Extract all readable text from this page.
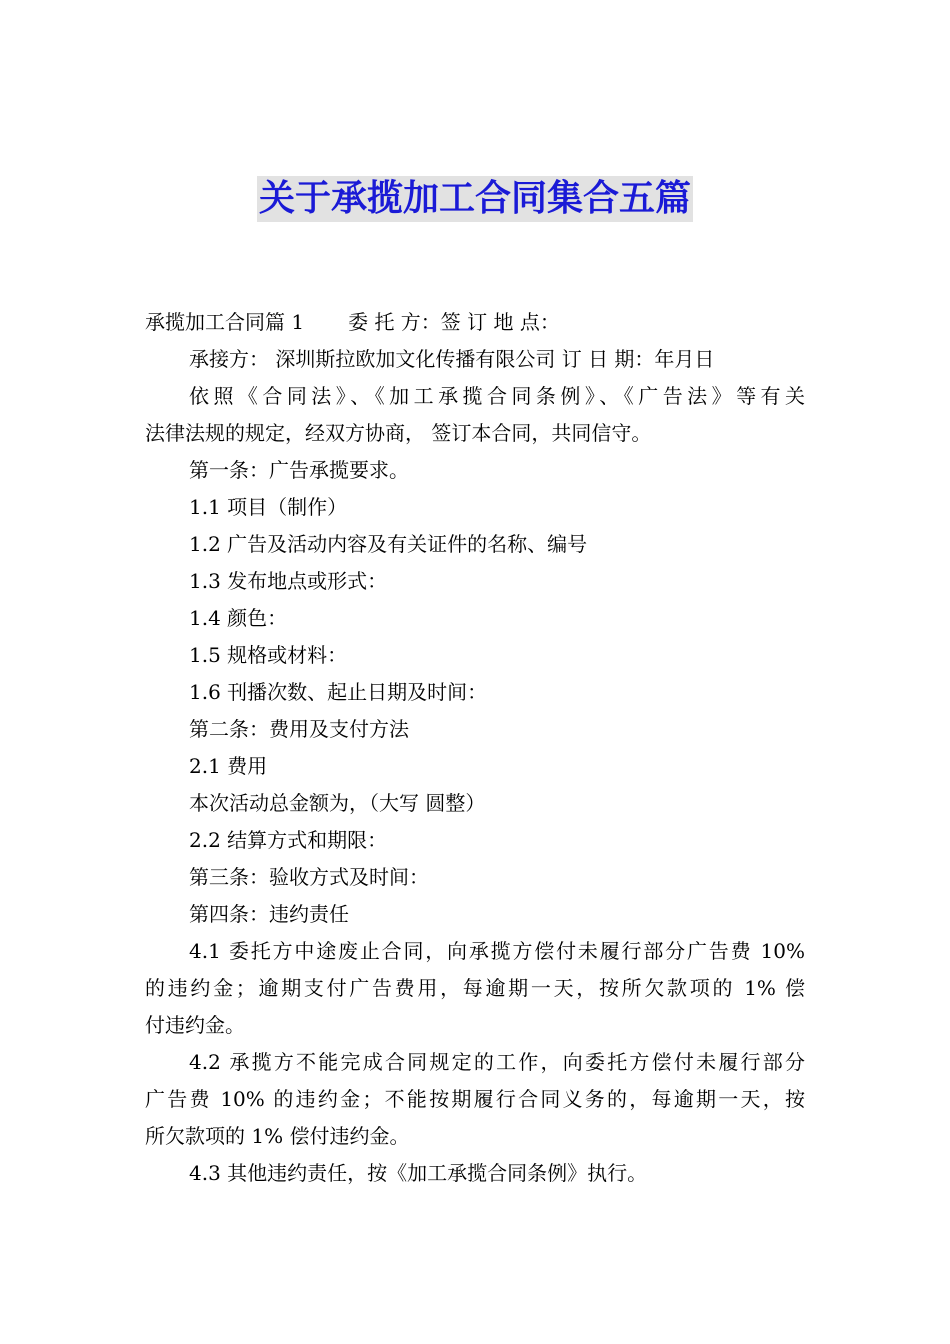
关于承揽加工合同集合五篇

承揽加工合同篇 1 委 托 方：签 订 地 点：

承接方： 深圳斯拉欧加文化传播有限公司 订 日 期：年月日

依照《合同法》、《加工承揽合同条例》、《广告法》等有关

法律法规的规定，经双方协商， 签订本合同，共同信守。

第一条：广告承揽要求。

1.1 项目（制作）

1.2 广告及活动内容及有关证件的名称、编号

1.3 发布地点或形式：

1.4 颜色：

1.5 规格或材料：

1.6 刊播次数、起止日期及时间：

第二条：费用及支付方法

2.1 费用

本次活动总金额为，（大写 圆整）

2.2 结算方式和期限：

第三条：验收方式及时间：

第四条：违约责任

4.1 委托方中途废止合同，向承揽方偿付未履行部分广告费 10%

的违约金；逾期支付广告费用，每逾期一天，按所欠款项的 1% 偿

付违约金。

4.2 承揽方不能完成合同规定的工作，向委托方偿付未履行部分

广告费 10% 的违约金；不能按期履行合同义务的，每逾期一天，按

所欠款项的 1% 偿付违约金。

4.3 其他违约责任，按《加工承揽合同条例》执行。
